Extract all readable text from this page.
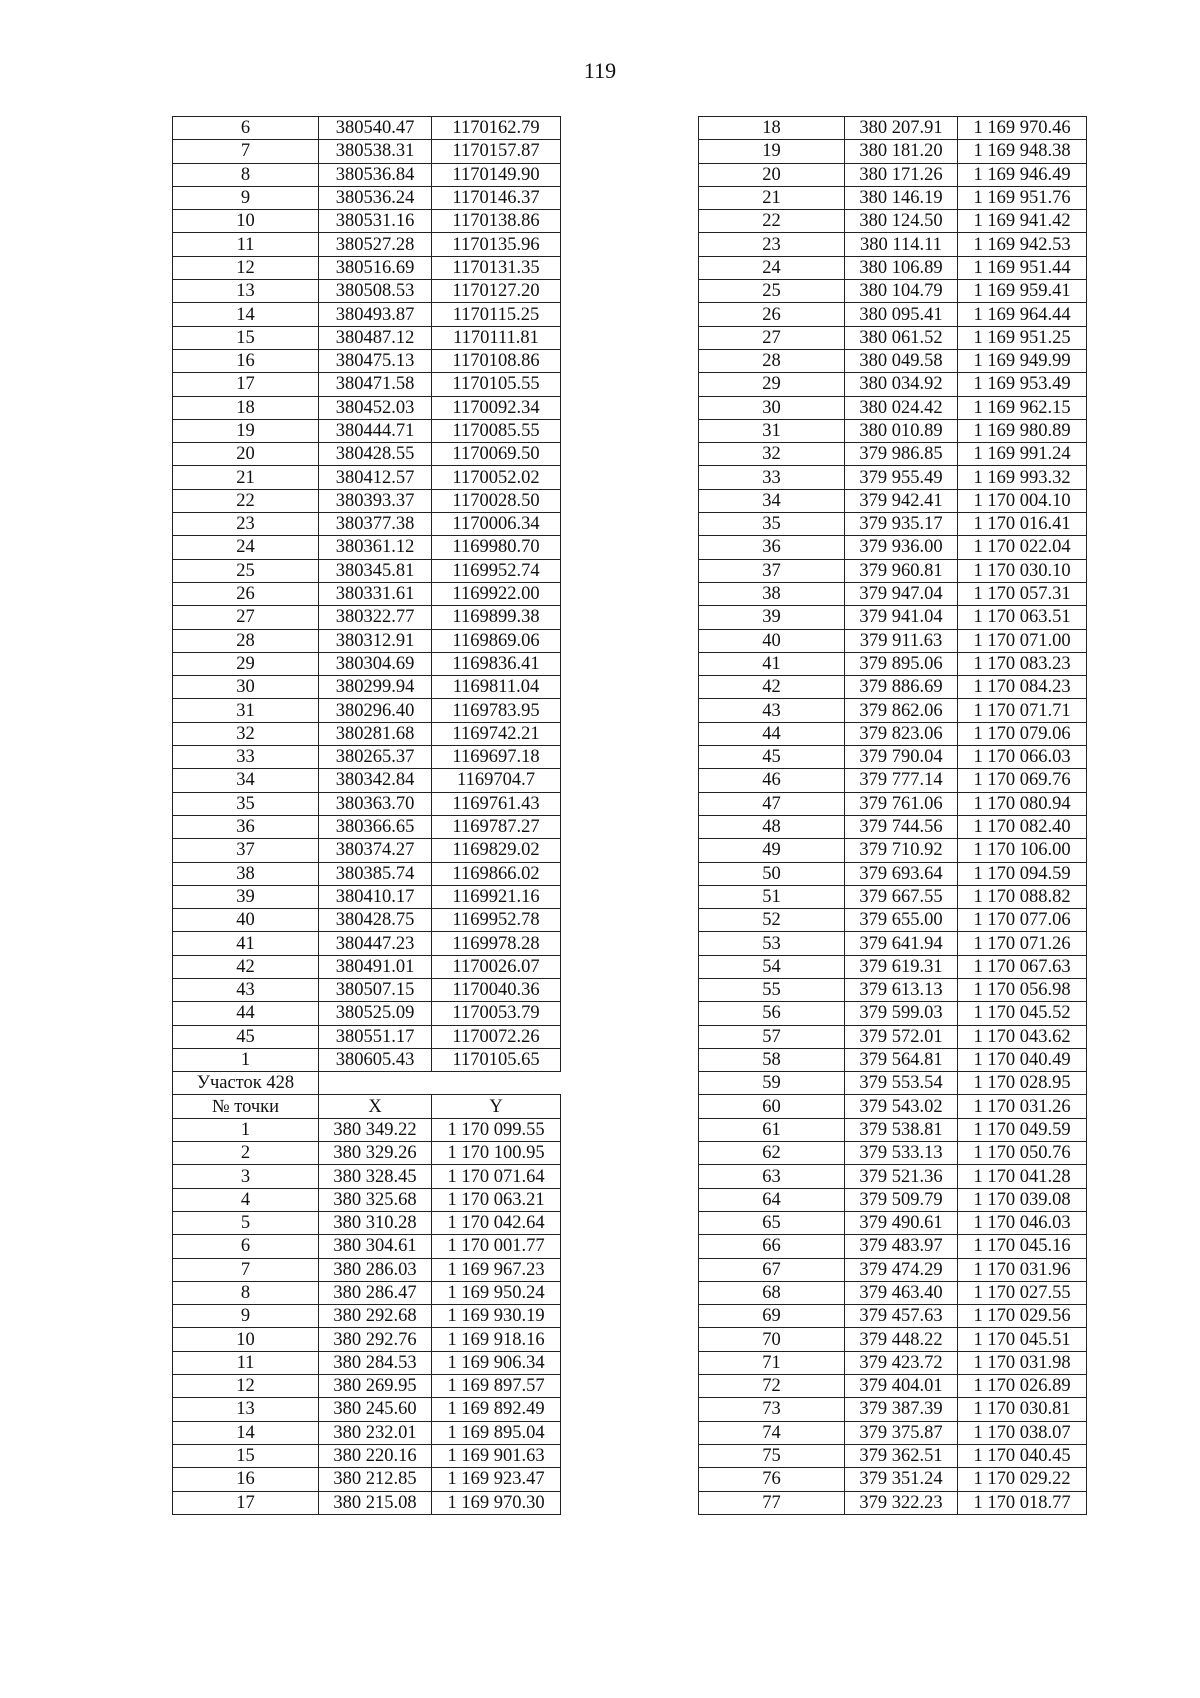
119
6	380540.47	1170162.79
7	380538.31	1170157.87
8	380536.84	1170149.90
9	380536.24	1170146.37
10	380531.16	1170138.86
11	380527.28	1170135.96
12	380516.69	1170131.35
13	380508.53	1170127.20
14	380493.87	1170115.25
15	380487.12	1170111.81
16	380475.13	1170108.86
17	380471.58	1170105.55
18	380452.03	1170092.34
19	380444.71	1170085.55
20	380428.55	1170069.50
21	380412.57	1170052.02
22	380393.37	1170028.50
23	380377.38	1170006.34
24	380361.12	1169980.70
25	380345.81	1169952.74
26	380331.61	1169922.00
27	380322.77	1169899.38
28	380312.91	1169869.06
29	380304.69	1169836.41
30	380299.94	1169811.04
31	380296.40	1169783.95
32	380281.68	1169742.21
33	380265.37	1169697.18
34	380342.84	1169704.7
35	380363.70	1169761.43
36	380366.65	1169787.27
37	380374.27	1169829.02
38	380385.74	1169866.02
39	380410.17	1169921.16
40	380428.75	1169952.78
41	380447.23	1169978.28
42	380491.01	1170026.07
43	380507.15	1170040.36
44	380525.09	1170053.79
45	380551.17	1170072.26
1	380605.43	1170105.65
Участок 428		
№ точки	X	Y
1	380 349.22	1 170 099.55
2	380 329.26	1 170 100.95
3	380 328.45	1 170 071.64
4	380 325.68	1 170 063.21
5	380 310.28	1 170 042.64
6	380 304.61	1 170 001.77
7	380 286.03	1 169 967.23
8	380 286.47	1 169 950.24
9	380 292.68	1 169 930.19
10	380 292.76	1 169 918.16
11	380 284.53	1 169 906.34
12	380 269.95	1 169 897.57
13	380 245.60	1 169 892.49
14	380 232.01	1 169 895.04
15	380 220.16	1 169 901.63
16	380 212.85	1 169 923.47
17	380 215.08	1 169 970.30
18	380 207.91	1 169 970.46
19	380 181.20	1 169 948.38
20	380 171.26	1 169 946.49
21	380 146.19	1 169 951.76
22	380 124.50	1 169 941.42
23	380 114.11	1 169 942.53
24	380 106.89	1 169 951.44
25	380 104.79	1 169 959.41
26	380 095.41	1 169 964.44
27	380 061.52	1 169 951.25
28	380 049.58	1 169 949.99
29	380 034.92	1 169 953.49
30	380 024.42	1 169 962.15
31	380 010.89	1 169 980.89
32	379 986.85	1 169 991.24
33	379 955.49	1 169 993.32
34	379 942.41	1 170 004.10
35	379 935.17	1 170 016.41
36	379 936.00	1 170 022.04
37	379 960.81	1 170 030.10
38	379 947.04	1 170 057.31
39	379 941.04	1 170 063.51
40	379 911.63	1 170 071.00
41	379 895.06	1 170 083.23
42	379 886.69	1 170 084.23
43	379 862.06	1 170 071.71
44	379 823.06	1 170 079.06
45	379 790.04	1 170 066.03
46	379 777.14	1 170 069.76
47	379 761.06	1 170 080.94
48	379 744.56	1 170 082.40
49	379 710.92	1 170 106.00
50	379 693.64	1 170 094.59
51	379 667.55	1 170 088.82
52	379 655.00	1 170 077.06
53	379 641.94	1 170 071.26
54	379 619.31	1 170 067.63
55	379 613.13	1 170 056.98
56	379 599.03	1 170 045.52
57	379 572.01	1 170 043.62
58	379 564.81	1 170 040.49
59	379 553.54	1 170 028.95
60	379 543.02	1 170 031.26
61	379 538.81	1 170 049.59
62	379 533.13	1 170 050.76
63	379 521.36	1 170 041.28
64	379 509.79	1 170 039.08
65	379 490.61	1 170 046.03
66	379 483.97	1 170 045.16
67	379 474.29	1 170 031.96
68	379 463.40	1 170 027.55
69	379 457.63	1 170 029.56
70	379 448.22	1 170 045.51
71	379 423.72	1 170 031.98
72	379 404.01	1 170 026.89
73	379 387.39	1 170 030.81
74	379 375.87	1 170 038.07
75	379 362.51	1 170 040.45
76	379 351.24	1 170 029.22
77	379 322.23	1 170 018.77
